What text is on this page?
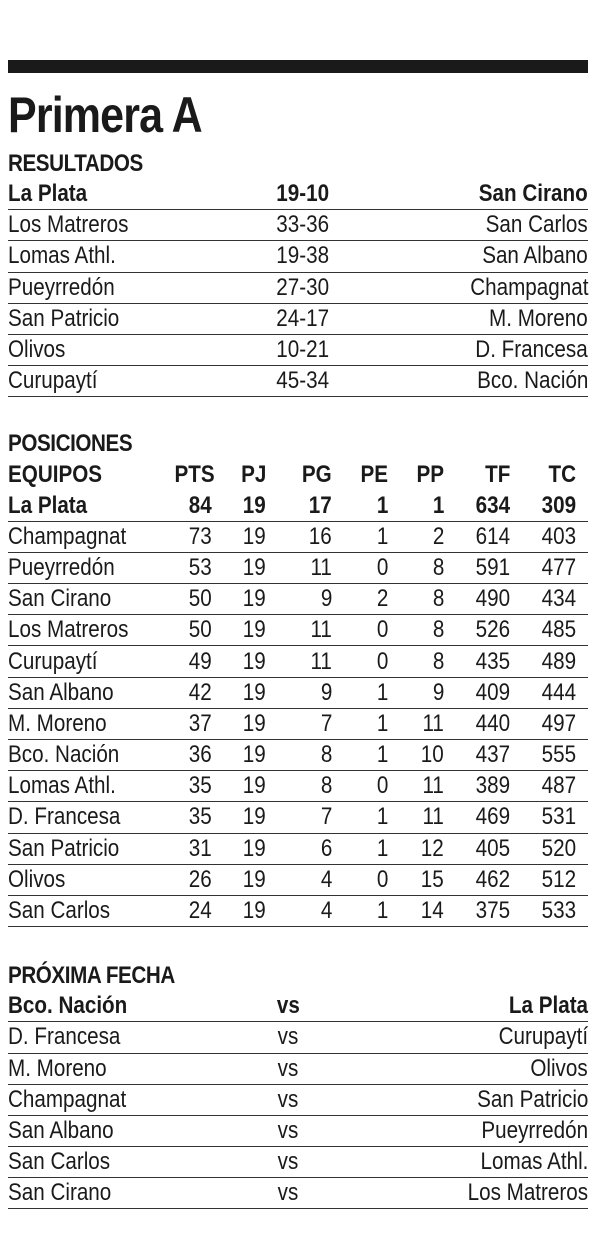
Primera A
RESULTADOS
La Plata	19-10	San Cirano
Los Matreros	33-36	San Carlos
Lomas Athl.	19-38	San Albano
Pueyrredón	27-30	Champagnat
San Patricio	24-17	M. Moreno
Olivos	10-21	D. Francesa
Curupaytí	45-34	Bco. Nación
POSICIONES
EQUIPOS	PTS	PJ	PG	PE	PP	TF	TC
La Plata	84	19	17	1	1	634	309
Champagnat	73	19	16	1	2	614	403
Pueyrredón	53	19	11	0	8	591	477
San Cirano	50	19	9	2	8	490	434
Los Matreros	50	19	11	0	8	526	485
Curupaytí	49	19	11	0	8	435	489
San Albano	42	19	9	1	9	409	444
M. Moreno	37	19	7	1	11	440	497
Bco. Nación	36	19	8	1	10	437	555
Lomas Athl.	35	19	8	0	11	389	487
D. Francesa	35	19	7	1	11	469	531
San Patricio	31	19	6	1	12	405	520
Olivos	26	19	4	0	15	462	512
San Carlos	24	19	4	1	14	375	533
PRÓXIMA FECHA
Bco. Nación	vs	La Plata
D. Francesa	vs	Curupaytí
M. Moreno	vs	Olivos
Champagnat	vs	San Patricio
San Albano	vs	Pueyrredón
San Carlos	vs	Lomas Athl.
San Cirano	vs	Los Matreros
